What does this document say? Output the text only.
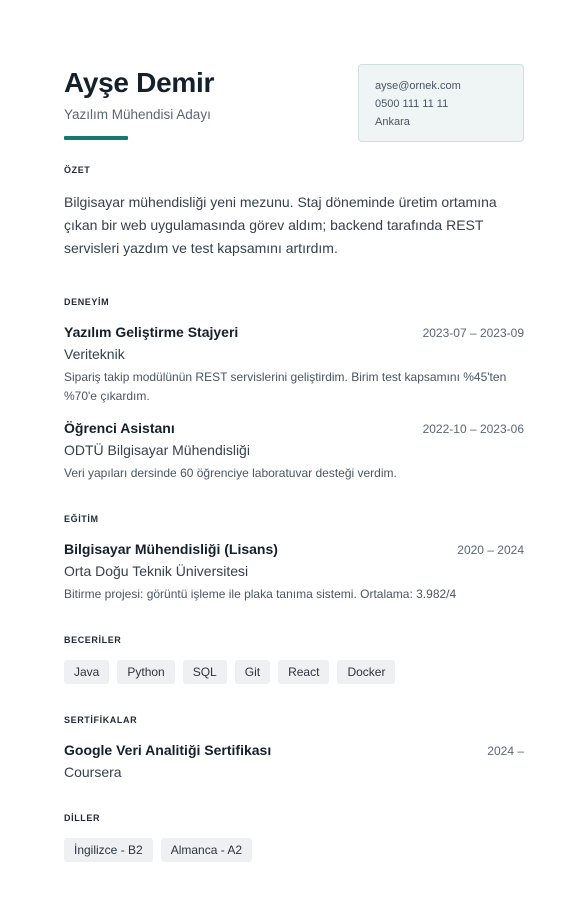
Ayşe Demir
Yazılım Mühendisi Adayı
ayse@ornek.com
0500 111 11 11
Ankara
ÖZET
Bilgisayar mühendisliği yeni mezunu. Staj döneminde üretim ortamına çıkan bir web uygulamasında görev aldım; backend tarafında REST servisleri yazdım ve test kapsamını artırdım.
DENEYİM
Yazılım Geliştirme Stajyeri	2023-07 – 2023-09
Veriteknik
Sipariş takip modülünün REST servislerini geliştirdim. Birim test kapsamını %45'ten %70'e çıkardım.
Öğrenci Asistanı	2022-10 – 2023-06
ODTÜ Bilgisayar Mühendisliği
Veri yapıları dersinde 60 öğrenciye laboratuvar desteği verdim.
EĞİTİM
Bilgisayar Mühendisliği (Lisans)	2020 – 2024
Orta Doğu Teknik Üniversitesi
Bitirme projesi: görüntü işleme ile plaka tanıma sistemi. Ortalama: 3.982/4
BECERİLER
Java	Python	SQL	Git	React	Docker
SERTİFİKALAR
Google Veri Analitiği Sertifikası	2024 –
Coursera
DİLLER
İngilizce - B2	Almanca - A2
